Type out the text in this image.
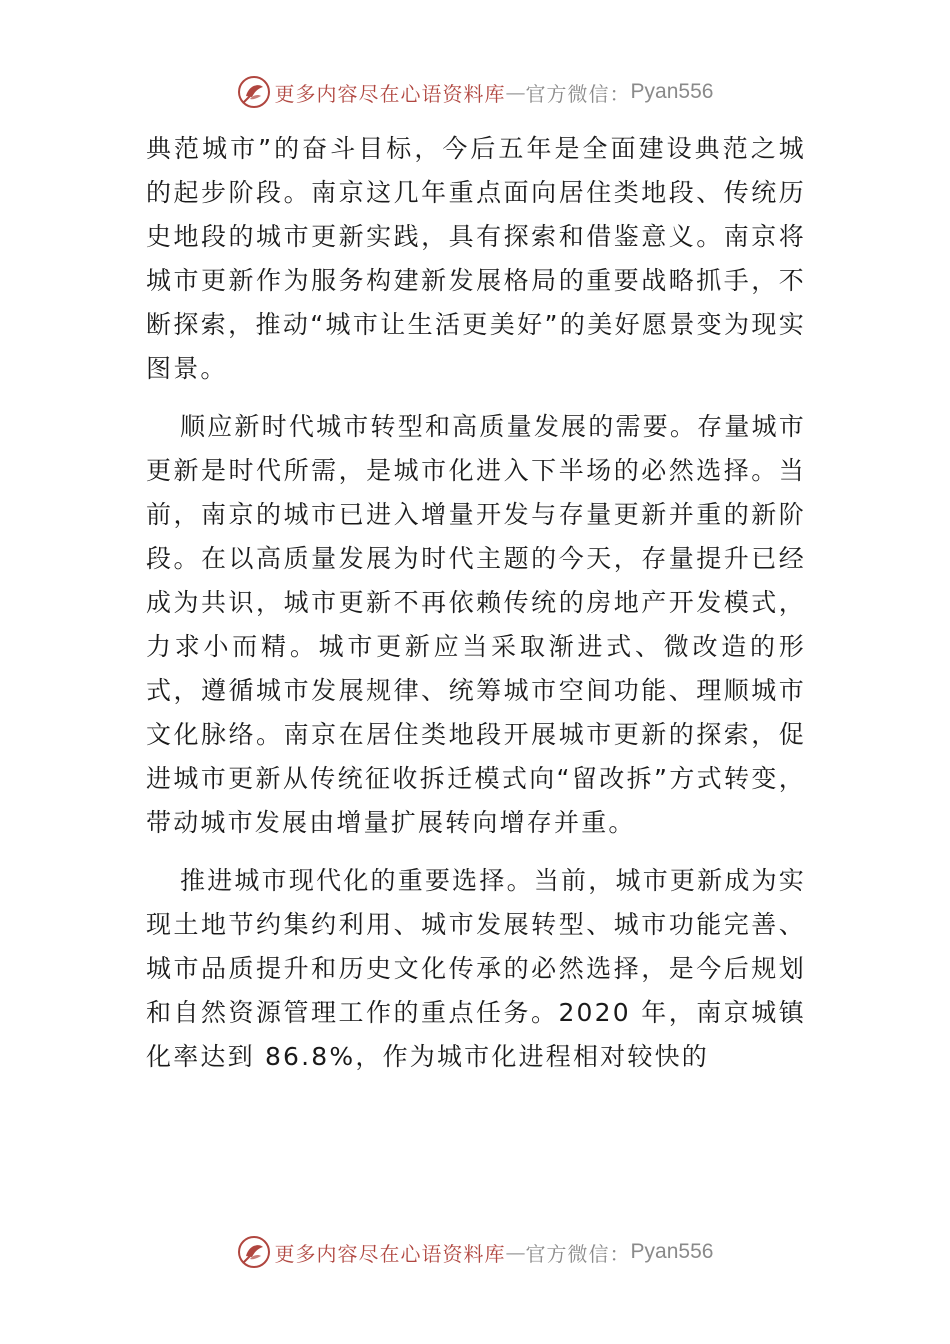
更多内容尽在心语资料库 — 官方微信： Pyan556

典范城市”的奋斗目标，今后五年是全面建设典范之城的起步阶段。南京这几年重点面向居住类地段、传统历史地段的城市更新实践，具有探索和借鉴意义。南京将城市更新作为服务构建新发展格局的重要战略抓手，不断探索，推动“城市让生活更美好”的美好愿景变为现实图景。

顺应新时代城市转型和高质量发展的需要。存量城市更新是时代所需，是城市化进入下半场的必然选择。当前，南京的城市已进入增量开发与存量更新并重的新阶段。在以高质量发展为时代主题的今天，存量提升已经成为共识，城市更新不再依赖传统的房地产开发模式，力求小而精。城市更新应当采取渐进式、微改造的形式，遵循城市发展规律、统筹城市空间功能、理顺城市文化脉络。南京在居住类地段开展城市更新的探索，促进城市更新从传统征收拆迁模式向“留改拆”方式转变，带动城市发展由增量扩展转向增存并重。

推进城市现代化的重要选择。当前，城市更新成为实现土地节约集约利用、城市发展转型、城市功能完善、城市品质提升和历史文化传承的必然选择，是今后规划和自然资源管理工作的重点任务。2020 年，南京城镇化率达到 86.8%，作为城市化进程相对较快的

更多内容尽在心语资料库 — 官方微信： Pyan556
